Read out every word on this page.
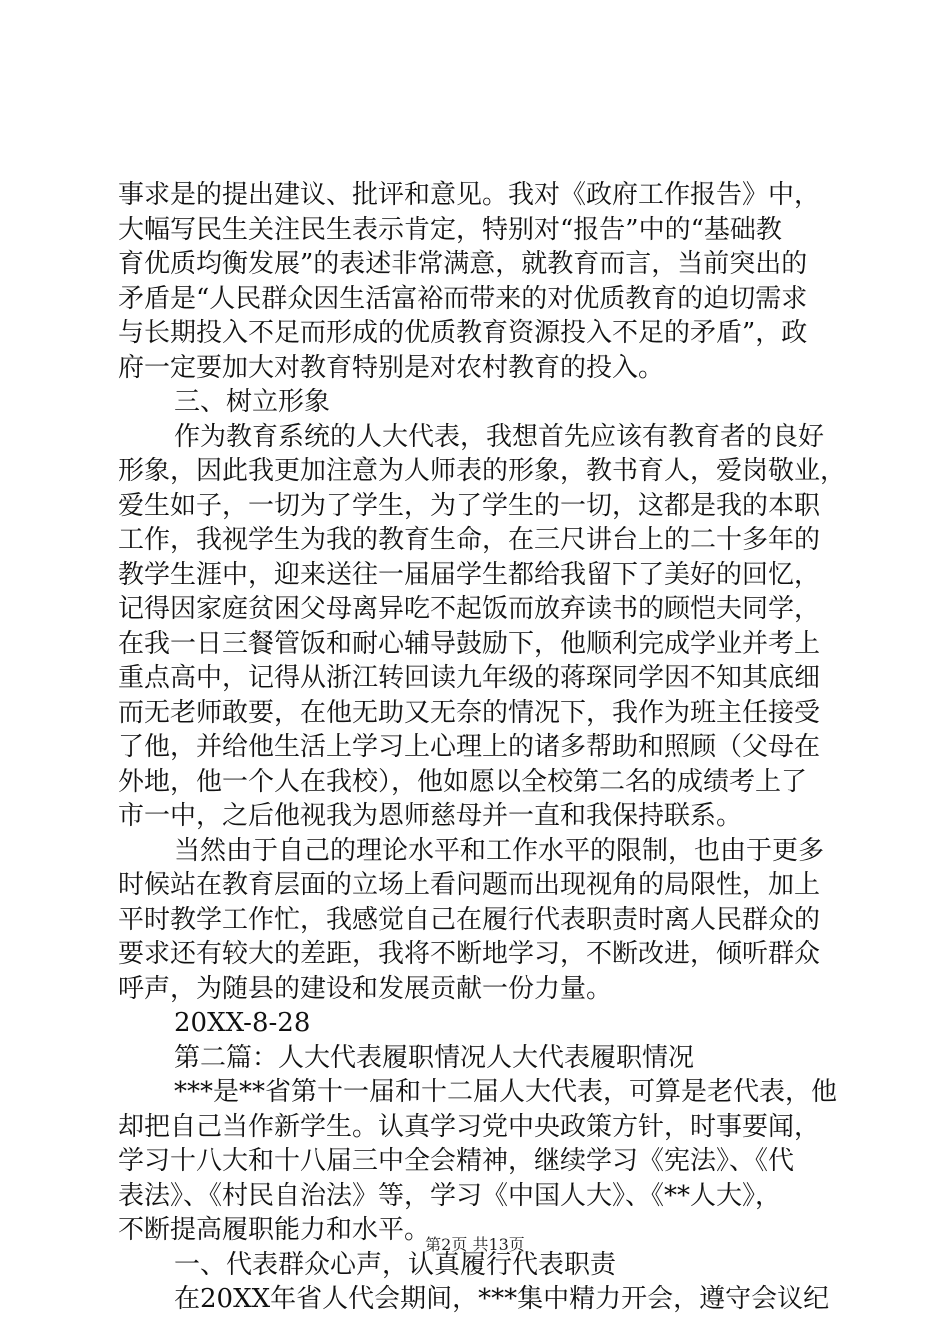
事求是的提出建议、批评和意见。我对《政府工作报告》中，
大幅写民生关注民生表示肯定，特别对“报告”中的“基础教
育优质均衡发展”的表述非常满意，就教育而言，当前突出的
矛盾是“人民群众因生活富裕而带来的对优质教育的迫切需求
与长期投入不足而形成的优质教育资源投入不足的矛盾”，政
府一定要加大对教育特别是对农村教育的投入。
三、树立形象
作为教育系统的人大代表，我想首先应该有教育者的良好
形象，因此我更加注意为人师表的形象，教书育人，爱岗敬业，
爱生如子，一切为了学生，为了学生的一切，这都是我的本职
工作，我视学生为我的教育生命，在三尺讲台上的二十多年的
教学生涯中，迎来送往一届届学生都给我留下了美好的回忆，
记得因家庭贫困父母离异吃不起饭而放弃读书的顾恺夫同学，
在我一日三餐管饭和耐心辅导鼓励下，他顺利完成学业并考上
重点高中，记得从浙江转回读九年级的蒋琛同学因不知其底细
而无老师敢要，在他无助又无奈的情况下，我作为班主任接受
了他，并给他生活上学习上心理上的诸多帮助和照顾（父母在
外地，他一个人在我校），他如愿以全校第二名的成绩考上了
市一中，之后他视我为恩师慈母并一直和我保持联系。
当然由于自己的理论水平和工作水平的限制，也由于更多
时候站在教育层面的立场上看问题而出现视角的局限性，加上
平时教学工作忙，我感觉自己在履行代表职责时离人民群众的
要求还有较大的差距，我将不断地学习，不断改进，倾听群众
呼声，为随县的建设和发展贡献一份力量。
20XX-8-28
第二篇：人大代表履职情况人大代表履职情况
***是**省第十一届和十二届人大代表，可算是老代表，他
却把自己当作新学生。认真学习党中央政策方针，时事要闻，
学习十八大和十八届三中全会精神，继续学习《宪法》、《代
表法》、《村民自治法》等，学习《中国人大》、《**人大》，
不断提高履职能力和水平。
一、代表群众心声，认真履行代表职责
在20XX年省人代会期间，***集中精力开会，遵守会议纪
第2页 共13页
